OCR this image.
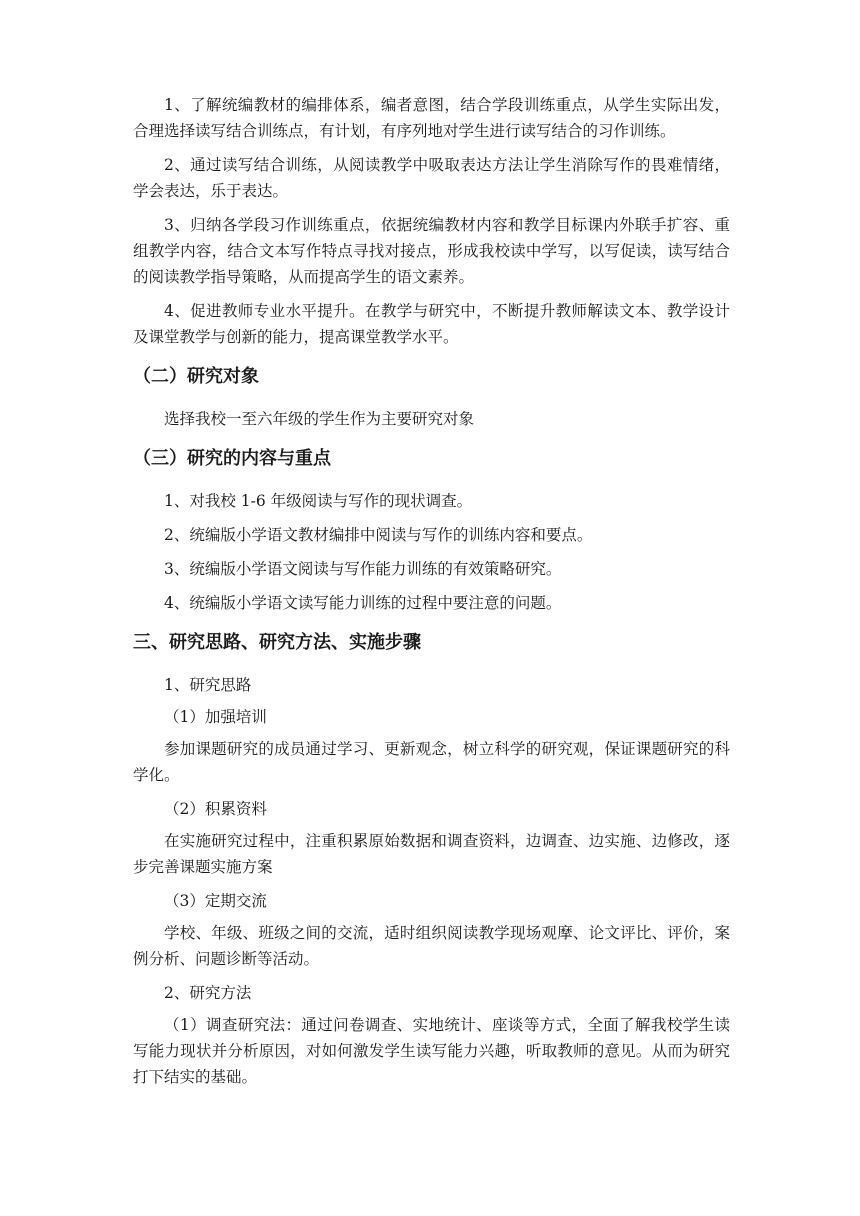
1、了解统编教材的编排体系，编者意图，结合学段训练重点，从学生实际出发，合理选择读写结合训练点，有计划，有序列地对学生进行读写结合的习作训练。

2、通过读写结合训练，从阅读教学中吸取表达方法让学生消除写作的畏难情绪，学会表达，乐于表达。

3、归纳各学段习作训练重点，依据统编教材内容和教学目标课内外联手扩容、重组教学内容，结合文本写作特点寻找对接点，形成我校读中学写，以写促读，读写结合的阅读教学指导策略，从而提高学生的语文素养。

4、促进教师专业水平提升。在教学与研究中，不断提升教师解读文本、教学设计及课堂教学与创新的能力，提高课堂教学水平。

（二）研究对象

选择我校一至六年级的学生作为主要研究对象

（三）研究的内容与重点

1、对我校 1-6 年级阅读与写作的现状调查。

2、统编版小学语文教材编排中阅读与写作的训练内容和要点。

3、统编版小学语文阅读与写作能力训练的有效策略研究。

4、统编版小学语文读写能力训练的过程中要注意的问题。

三、研究思路、研究方法、实施步骤

1、研究思路

（1）加强培训

参加课题研究的成员通过学习、更新观念，树立科学的研究观，保证课题研究的科学化。

（2）积累资料

在实施研究过程中，注重积累原始数据和调查资料，边调查、边实施、边修改，逐步完善课题实施方案

（3）定期交流

学校、年级、班级之间的交流，适时组织阅读教学现场观摩、论文评比、评价，案例分析、问题诊断等活动。

2、研究方法

（1）调查研究法：通过问卷调查、实地统计、座谈等方式，全面了解我校学生读写能力现状并分析原因，对如何激发学生读写能力兴趣，听取教师的意见。从而为研究打下结实的基础。
